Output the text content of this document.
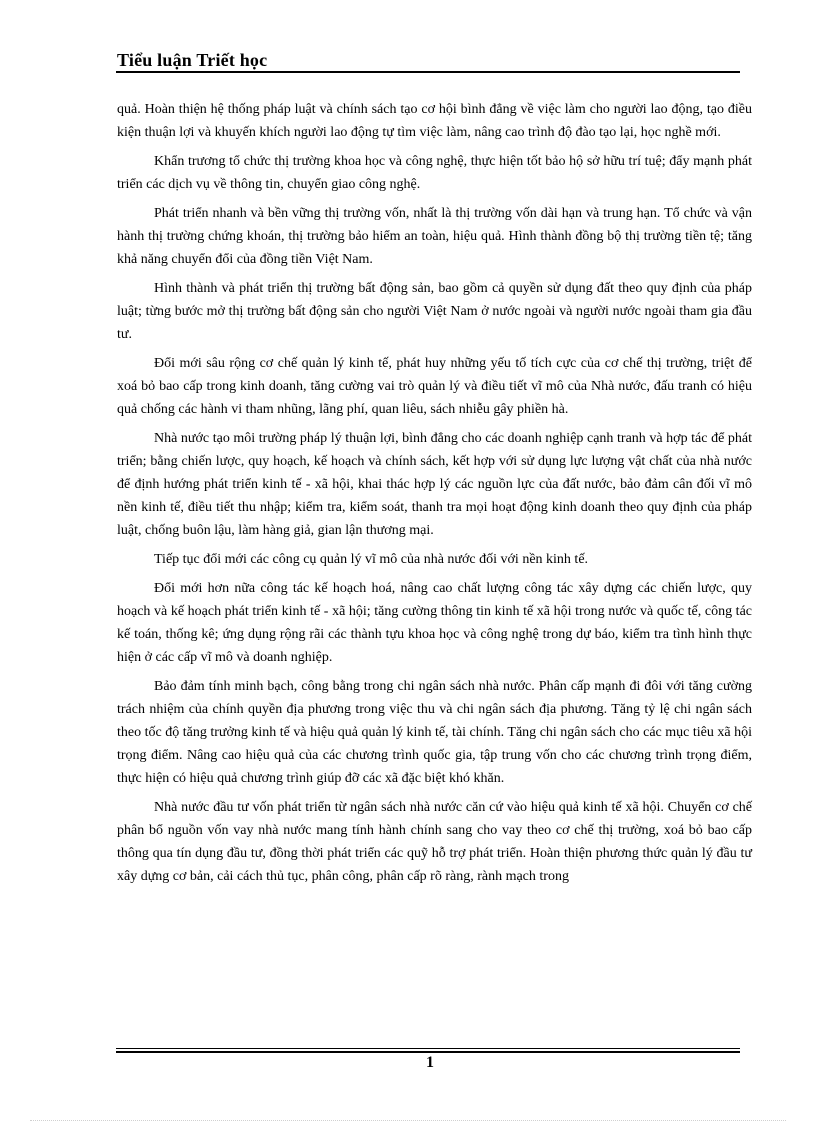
Tiểu luận Triết học

quả. Hoàn thiện hệ thống pháp luật và chính sách tạo cơ hội bình đẳng về việc làm cho người lao động, tạo điều kiện thuận lợi và khuyến khích người lao động tự tìm việc làm, nâng cao trình độ đào tạo lại, học nghề mới.

Khẩn trương tổ chức thị trường khoa học và công nghệ, thực hiện tốt bảo hộ sở hữu trí tuệ; đẩy mạnh phát triển các dịch vụ về thông tin, chuyển giao công nghệ.

Phát triển nhanh và bền vững thị trường vốn, nhất là thị trường vốn dài hạn và trung hạn. Tổ chức và vận hành thị trường chứng khoán, thị trường bảo hiểm an toàn, hiệu quả. Hình thành đồng bộ thị trường tiền tệ; tăng khả năng chuyển đổi của đồng tiền Việt Nam.

Hình thành và phát triển thị trường bất động sản, bao gồm cả quyền sử dụng đất theo quy định của pháp luật; từng bước mở thị trường bất động sản cho người Việt Nam ở nước ngoài và người nước ngoài tham gia đầu tư.

Đổi mới sâu rộng cơ chế quản lý kinh tế, phát huy những yếu tố tích cực của cơ chế thị trường, triệt để xoá bỏ bao cấp trong kinh doanh, tăng cường vai trò quản lý và điều tiết vĩ mô của Nhà nước, đấu tranh có hiệu quả chống các hành vi tham nhũng, lãng phí, quan liêu, sách nhiễu gây phiền hà.

Nhà nước tạo môi trường pháp lý thuận lợi, bình đẳng cho các doanh nghiệp cạnh tranh và hợp tác để phát triển; bằng chiến lược, quy hoạch, kế hoạch và chính sách, kết hợp với sử dụng lực lượng vật chất của nhà nước để định hướng phát triển kinh tế - xã hội, khai thác hợp lý các nguồn lực của đất nước, bảo đảm cân đối vĩ mô nền kinh tế, điều tiết thu nhập; kiểm tra, kiểm soát, thanh tra mọi hoạt động kinh doanh theo quy định của pháp luật, chống buôn lậu, làm hàng giả, gian lận thương mại.

Tiếp tục đổi mới các công cụ quản lý vĩ mô của nhà nước đối với nền kinh tế.

Đổi mới hơn nữa công tác kế hoạch hoá, nâng cao chất lượng công tác xây dựng các chiến lược, quy hoạch và kế hoạch phát triển kinh tế - xã hội; tăng cường thông tin kinh tế xã hội trong nước và quốc tế, công tác kế toán, thống kê; ứng dụng rộng rãi các thành tựu khoa học và công nghệ trong dự báo, kiểm tra tình hình thực hiện ở các cấp vĩ mô và doanh nghiệp.

Bảo đảm tính minh bạch, công bằng trong chi ngân sách nhà nước. Phân cấp mạnh đi đôi với tăng cường trách nhiệm của chính quyền địa phương trong việc thu và chi ngân sách địa phương. Tăng tỷ lệ chi ngân sách theo tốc độ tăng trưởng kinh tế và hiệu quả quản lý kinh tế, tài chính. Tăng chi ngân sách cho các mục tiêu xã hội trọng điểm. Nâng cao hiệu quả của các chương trình quốc gia, tập trung vốn cho các chương trình trọng điểm, thực hiện có hiệu quả chương trình giúp đỡ các xã đặc biệt khó khăn.

Nhà nước đầu tư vốn phát triển từ ngân sách nhà nước căn cứ vào hiệu quả kinh tế xã hội. Chuyển cơ chế phân bổ nguồn vốn vay nhà nước mang tính hành chính sang cho vay theo cơ chế thị trường, xoá bỏ bao cấp thông qua tín dụng đầu tư, đồng thời phát triển các quỹ hỗ trợ phát triển. Hoàn thiện phương thức quản lý đầu tư xây dựng cơ bản, cải cách thủ tục, phân công, phân cấp rõ ràng, rành mạch trong

1
